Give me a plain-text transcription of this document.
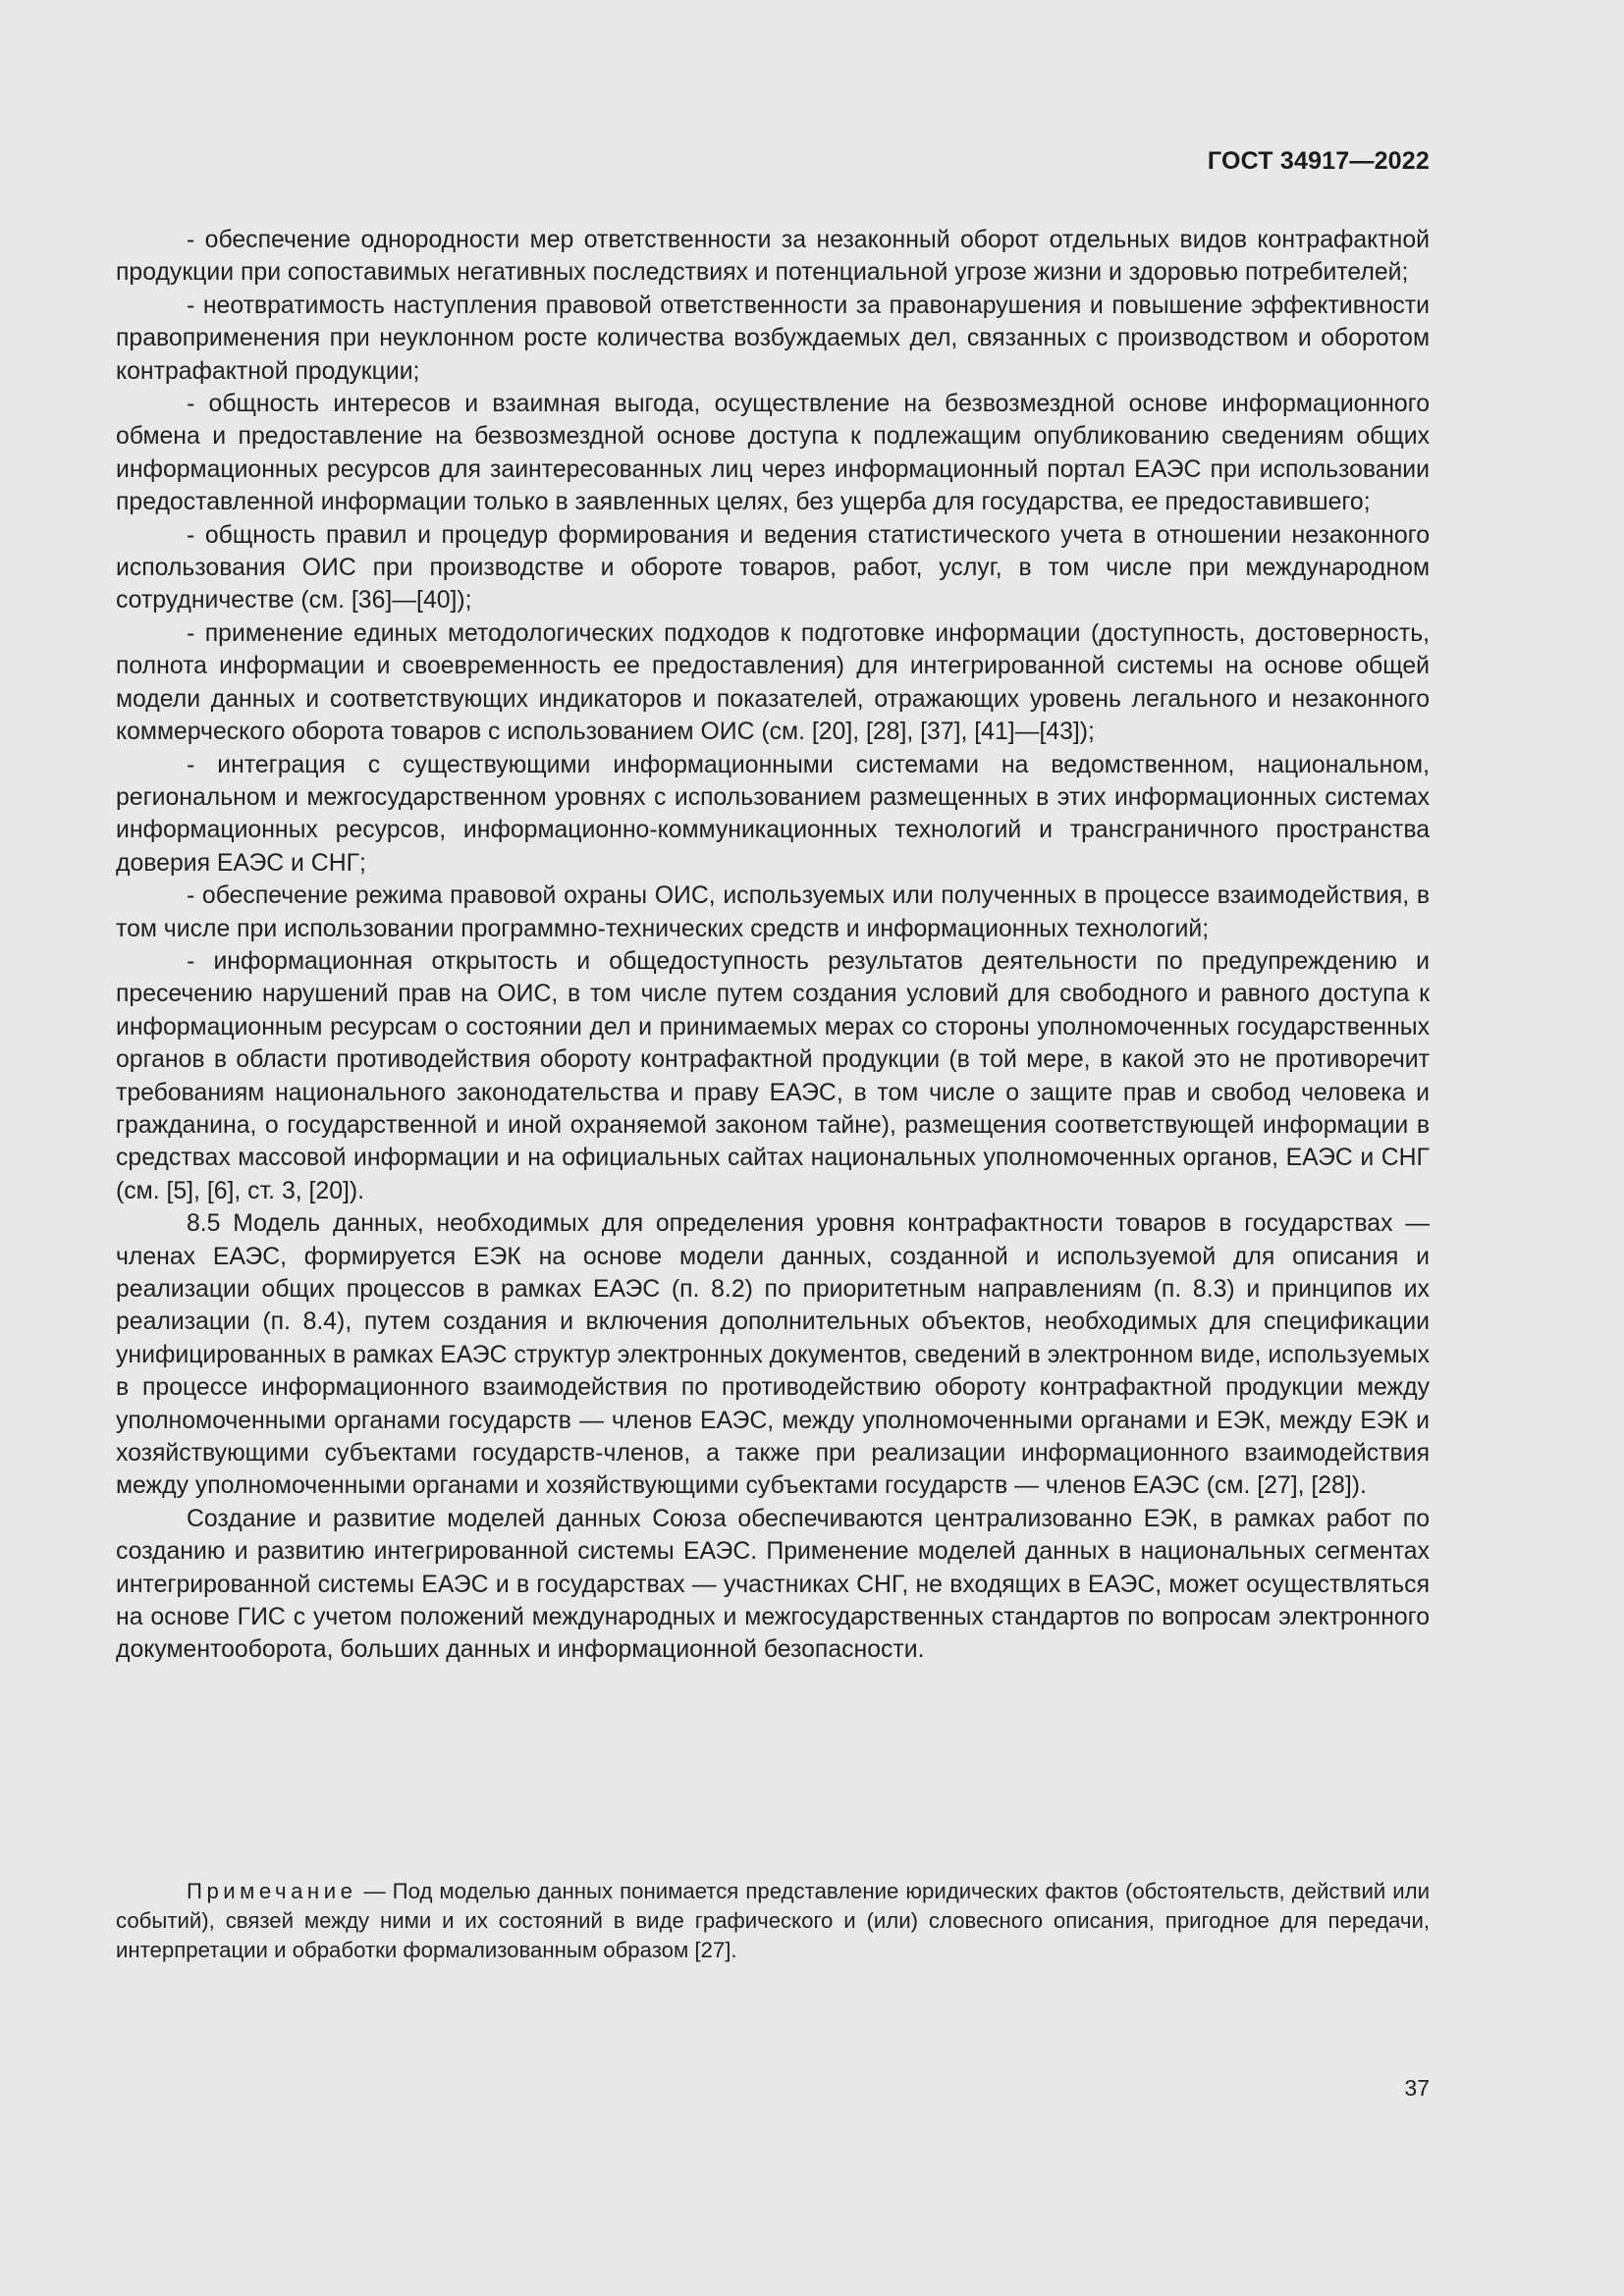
ГОСТ 34917—2022

- обеспечение однородности мер ответственности за незаконный оборот отдельных видов контрафактной продукции при сопоставимых негативных последствиях и потенциальной угрозе жизни и здоровью потребителей;

- неотвратимость наступления правовой ответственности за правонарушения и повышение эффективности правоприменения при неуклонном росте количества возбуждаемых дел, связанных с производством и оборотом контрафактной продукции;

- общность интересов и взаимная выгода, осуществление на безвозмездной основе информационного обмена и предоставление на безвозмездной основе доступа к подлежащим опубликованию сведениям общих информационных ресурсов для заинтересованных лиц через информационный портал ЕАЭС при использовании предоставленной информации только в заявленных целях, без ущерба для государства, ее предоставившего;

- общность правил и процедур формирования и ведения статистического учета в отношении незаконного использования ОИС при производстве и обороте товаров, работ, услуг, в том числе при международном сотрудничестве (см. [36]—[40]);

- применение единых методологических подходов к подготовке информации (доступность, достоверность, полнота информации и своевременность ее предоставления) для интегрированной системы на основе общей модели данных и соответствующих индикаторов и показателей, отражающих уровень легального и незаконного коммерческого оборота товаров с использованием ОИС (см. [20], [28], [37], [41]—[43]);

- интеграция с существующими информационными системами на ведомственном, национальном, региональном и межгосударственном уровнях с использованием размещенных в этих информационных системах информационных ресурсов, информационно-коммуникационных технологий и трансграничного пространства доверия ЕАЭС и СНГ;

- обеспечение режима правовой охраны ОИС, используемых или полученных в процессе взаимодействия, в том числе при использовании программно-технических средств и информационных технологий;

- информационная открытость и общедоступность результатов деятельности по предупреждению и пресечению нарушений прав на ОИС, в том числе путем создания условий для свободного и равного доступа к информационным ресурсам о состоянии дел и принимаемых мерах со стороны уполномоченных государственных органов в области противодействия обороту контрафактной продукции (в той мере, в какой это не противоречит требованиям национального законодательства и праву ЕАЭС, в том числе о защите прав и свобод человека и гражданина, о государственной и иной охраняемой законом тайне), размещения соответствующей информации в средствах массовой информации и на официальных сайтах национальных уполномоченных органов, ЕАЭС и СНГ (см. [5], [6], ст. 3, [20]).

8.5 Модель данных, необходимых для определения уровня контрафактности товаров в государствах — членах ЕАЭС, формируется ЕЭК на основе модели данных, созданной и используемой для описания и реализации общих процессов в рамках ЕАЭС (п. 8.2) по приоритетным направлениям (п. 8.3) и принципов их реализации (п. 8.4), путем создания и включения дополнительных объектов, необходимых для спецификации унифицированных в рамках ЕАЭС структур электронных документов, сведений в электронном виде, используемых в процессе информационного взаимодействия по противодействию обороту контрафактной продукции между уполномоченными органами государств — членов ЕАЭС, между уполномоченными органами и ЕЭК, между ЕЭК и хозяйствующими субъектами государств-членов, а также при реализации информационного взаимодействия между уполномоченными органами и хозяйствующими субъектами государств — членов ЕАЭС (см. [27], [28]).

Создание и развитие моделей данных Союза обеспечиваются централизованно ЕЭК, в рамках работ по созданию и развитию интегрированной системы ЕАЭС. Применение моделей данных в национальных сегментах интегрированной системы ЕАЭС и в государствах — участниках СНГ, не входящих в ЕАЭС, может осуществляться на основе ГИС с учетом положений международных и межгосударственных стандартов по вопросам электронного документооборота, больших данных и информационной безопасности.

Примечание — Под моделью данных понимается представление юридических фактов (обстоятельств, действий или событий), связей между ними и их состояний в виде графического и (или) словесного описания, пригодное для передачи, интерпретации и обработки формализованным образом [27].
37
